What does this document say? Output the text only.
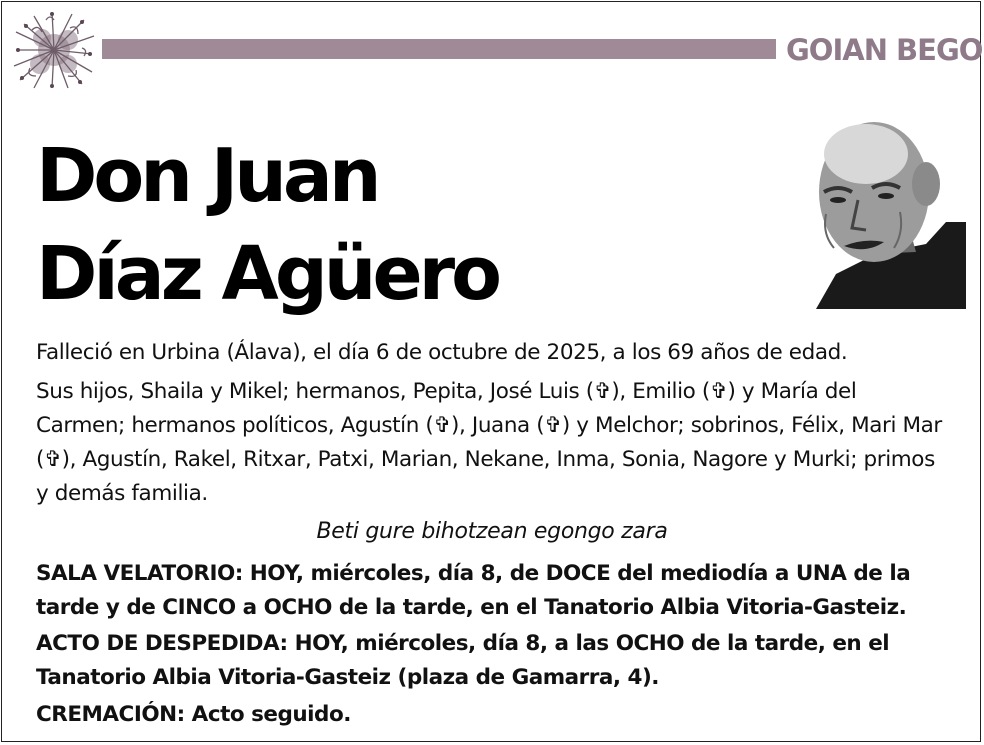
GOIAN BEGO
Don Juan
Díaz Agüero
Falleció en Urbina (Álava), el día 6 de octubre de 2025, a los 69 años de edad.
Sus hijos, Shaila y Mikel; hermanos, Pepita, José Luis (✞), Emilio (✞) y María del Carmen; hermanos políticos, Agustín (✞), Juana (✞) y Melchor; sobrinos, Félix, Mari Mar (✞), Agustín, Rakel, Ritxar, Patxi, Marian, Nekane, Inma, Sonia, Nagore y Murki; primos y demás familia.
Beti gure bihotzean egongo zara
SALA VELATORIO: HOY, miércoles, día 8, de DOCE del mediodía a UNA de la tarde y de CINCO a OCHO de la tarde, en el Tanatorio Albia Vitoria-Gasteiz.
ACTO DE DESPEDIDA: HOY, miércoles, día 8, a las OCHO de la tarde, en el Tanatorio Albia Vitoria-Gasteiz (plaza de Gamarra, 4).
CREMACIÓN: Acto seguido.
